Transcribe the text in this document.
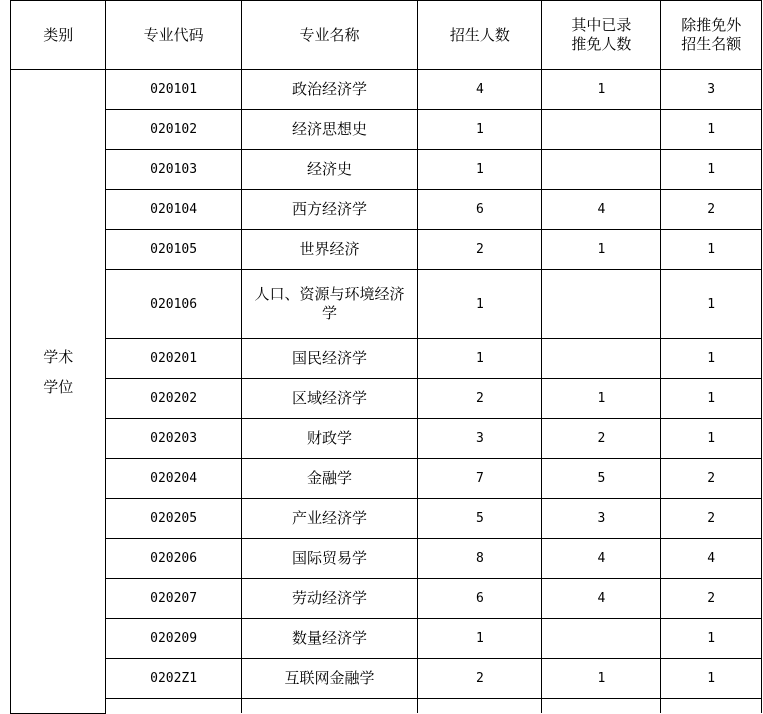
类别	专业代码	专业名称	招生人数	其中已录推免人数	除推免外招生名额

学术学位	020101	政治经济学	4	1	3
	020102	经济思想史	1		1
	020103	经济史	1		1
	020104	西方经济学	6	4	2
	020105	世界经济	2	1	1
	020106	人口、资源与环境经济学	1		1
	020201	国民经济学	1		1
	020202	区域经济学	2	1	1
	020203	财政学	3	2	1
	020204	金融学	7	5	2
	020205	产业经济学	5	3	2
	020206	国际贸易学	8	4	4
	020207	劳动经济学	6	4	2
	020209	数量经济学	1		1
	0202Z1	互联网金融学	2	1	1
